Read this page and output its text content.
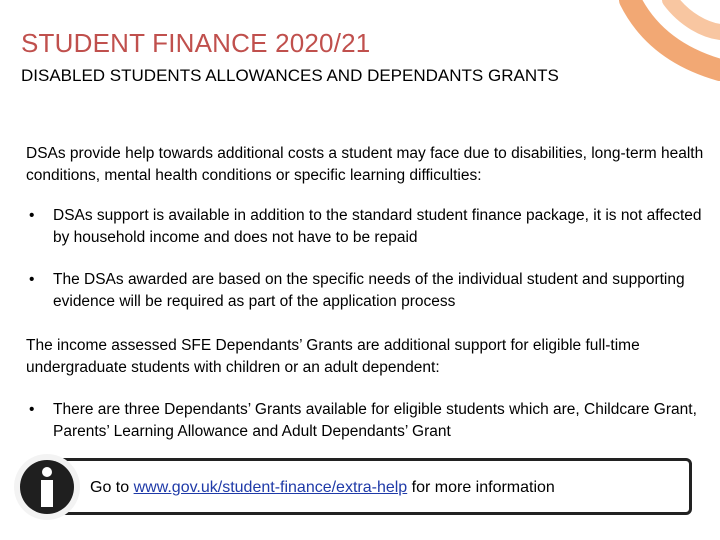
STUDENT FINANCE 2020/21
DISABLED STUDENTS ALLOWANCES AND DEPENDANTS GRANTS

DSAs provide help towards additional costs a student may face due to disabilities, long-term health conditions, mental health conditions or specific learning difficulties:

• DSAs support is available in addition to the standard student finance package, it is not affected by household income and does not have to be repaid
• The DSAs awarded are based on the specific needs of the individual student and supporting evidence will be required as part of the application process

The income assessed SFE Dependants’ Grants are additional support for eligible full-time undergraduate students with children or an adult dependent:

• There are three Dependants’ Grants available for eligible students which are, Childcare Grant, Parents’ Learning Allowance and Adult Dependants’ Grant
Go to www.gov.uk/student-finance/extra-help for more information
